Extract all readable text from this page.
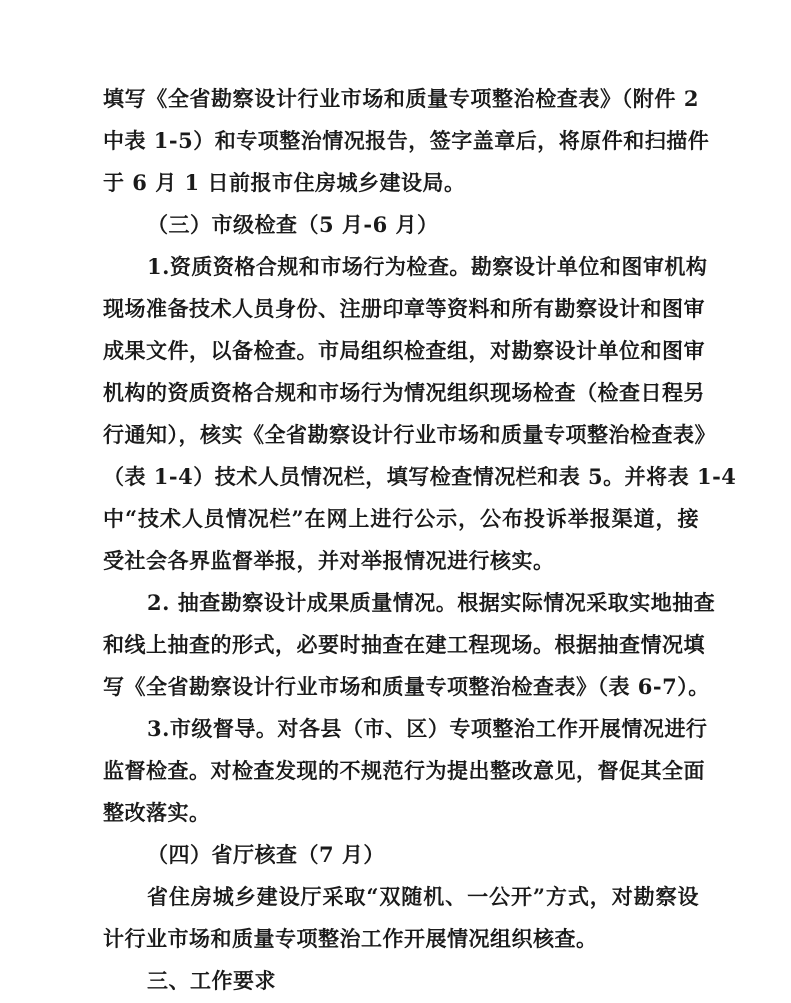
填写《全省勘察设计行业市场和质量专项整治检查表》（附件 2
中表 1-5）和专项整治情况报告，签字盖章后，将原件和扫描件
于 6 月 1 日前报市住房城乡建设局。
（三）市级检查（5 月-6 月）
1.资质资格合规和市场行为检查。勘察设计单位和图审机构
现场准备技术人员身份、注册印章等资料和所有勘察设计和图审
成果文件，以备检查。市局组织检查组，对勘察设计单位和图审
机构的资质资格合规和市场行为情况组织现场检查（检查日程另
行通知），核实《全省勘察设计行业市场和质量专项整治检查表》
（表 1-4）技术人员情况栏，填写检查情况栏和表 5。并将表 1-4
中“技术人员情况栏”在网上进行公示，公布投诉举报渠道，接
受社会各界监督举报，并对举报情况进行核实。
2. 抽查勘察设计成果质量情况。根据实际情况采取实地抽查
和线上抽查的形式，必要时抽查在建工程现场。根据抽查情况填
写《全省勘察设计行业市场和质量专项整治检查表》（表 6-7）。
3.市级督导。对各县（市、区）专项整治工作开展情况进行
监督检查。对检查发现的不规范行为提出整改意见，督促其全面
整改落实。
（四）省厅核查（7 月）
省住房城乡建设厅采取“双随机、一公开”方式，对勘察设
计行业市场和质量专项整治工作开展情况组织核查。
三、工作要求
